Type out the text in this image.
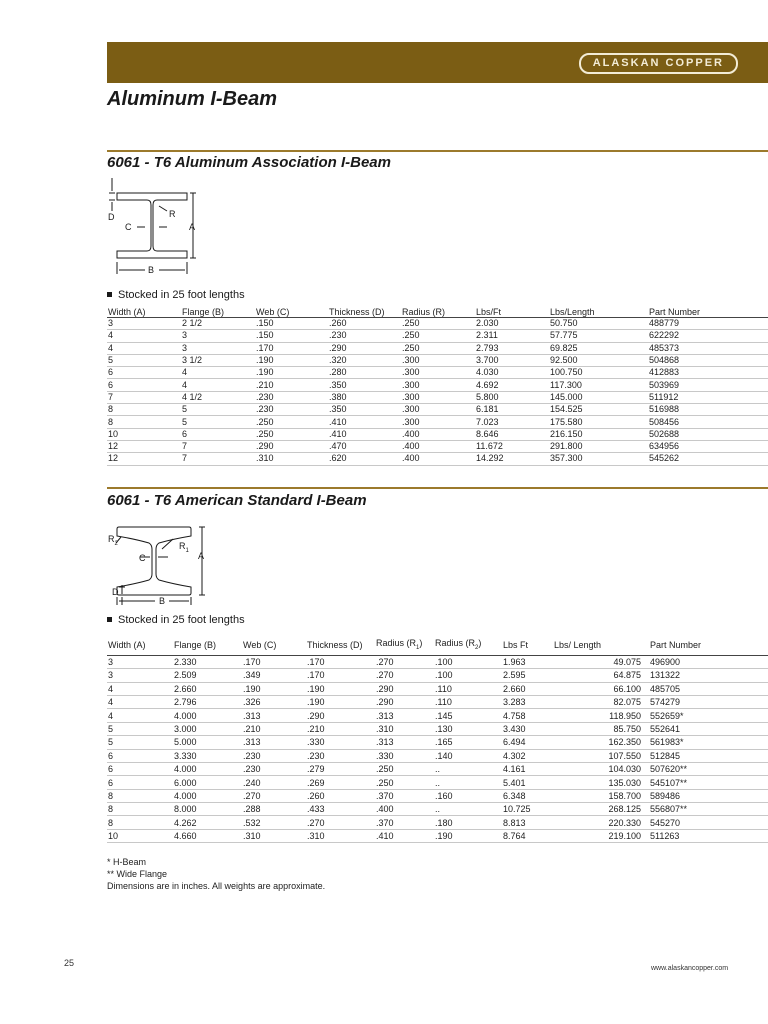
ALASKAN COPPER
Aluminum I-Beam
6061 - T6 Aluminum Association I-Beam
D
C
R
A
B
Stocked in 25 foot lengths
Width (A)	Flange (B)	Web (C)	Thickness (D)	Radius (R)	Lbs/Ft	Lbs/Length	Part Number
3	2 1/2	.150	.260	.250	2.030	50.750	488779
4	3	.150	.230	.250	2.311	57.775	622292
4	3	.170	.290	.250	2.793	69.825	485373
5	3 1/2	.190	.320	.300	3.700	92.500	504868
6	4	.190	.280	.300	4.030	100.750	412883
6	4	.210	.350	.300	4.692	117.300	503969
7	4 1/2	.230	.380	.300	5.800	145.000	511912
8	5	.230	.350	.300	6.181	154.525	516988
8	5	.250	.410	.300	7.023	175.580	508456
10	6	.250	.410	.400	8.646	216.150	502688
12	7	.290	.470	.400	11.672	291.800	634956
12	7	.310	.620	.400	14.292	357.300	545262
6061 - T6 American Standard I-Beam
$R_2$	$R_1$
C	A
D
B
Stocked in 25 foot lengths
Width (A)	Flange (B)	Web (C)	Thickness (D)	Radius $(R_1)$	Radius $(R_2)$	Lbs Ft	Lbs/ Length	Part Number
3	2.330	.170	.170	.270	.100	1.963	49.075	496900
3	2.509	.349	.170	.270	.100	2.595	64.875	131322
4	2.660	.190	.190	.290	.110	2.660	66.100	485705
4	2.796	.326	.190	.290	.110	3.283	82.075	574279
4	4.000	.313	.290	.313	.145	4.758	118.950	552659*
5	3.000	.210	.210	.310	.130	3.430	85.750	552641
5	5.000	.313	.330	.313	.165	6.494	162.350	561983*
6	3.330	.230	.230	.330	.140	4.302	107.550	512845
6	4.000	.230	.279	.250	..	4.161	104.030	507620**
6	6.000	.240	.269	.250	..	5.401	135.030	545107**
8	4.000	.270	.260	.370	.160	6.348	158.700	589486
8	8.000	.288	.433	.400	..	10.725	268.125	556807**
8	4.262	.532	.270	.370	.180	8.813	220.330	545270
10	4.660	.310	.310	.410	.190	8.764	219.100	511263
* H-Beam
** Wide Flange
Dimensions are in inches. All weights are approximate.
25
www.alaskancopper.com
